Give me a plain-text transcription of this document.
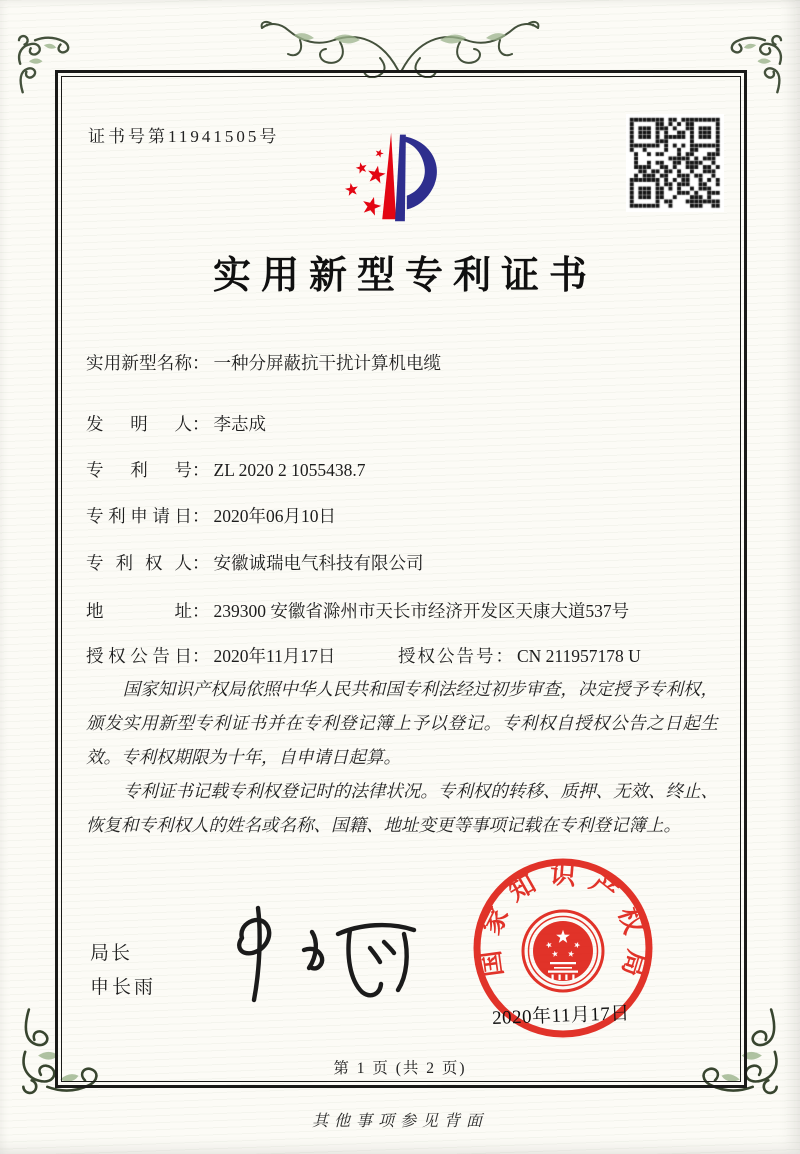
证书号第11941505号
实用新型专利证书
实用新型名称： 一种分屏蔽抗干扰计算机电缆
发明人： 李志成
专利号： ZL 2020 2 1055438.7
专利申请日： 2020年06月10日
专利权人： 安徽诚瑞电气科技有限公司
地址： 239300 安徽省滁州市天长市经济开发区天康大道537号
授权公告日： 2020年11月17日	授权公告号： CN 211957178 U

国家知识产权局依照中华人民共和国专利法经过初步审查，决定授予专利权，颁发实用新型专利证书并在专利登记簿上予以登记。专利权自授权公告之日起生效。专利权期限为十年，自申请日起算。

专利证书记载专利权登记时的法律状况。专利权的转移、质押、无效、终止、恢复和专利权人的姓名或名称、国籍、地址变更等事项记载在专利登记簿上。

局长
申长雨
国家知识产权局
2020年11月17日
第 1 页 (共 2 页)
其他事项参见背面
